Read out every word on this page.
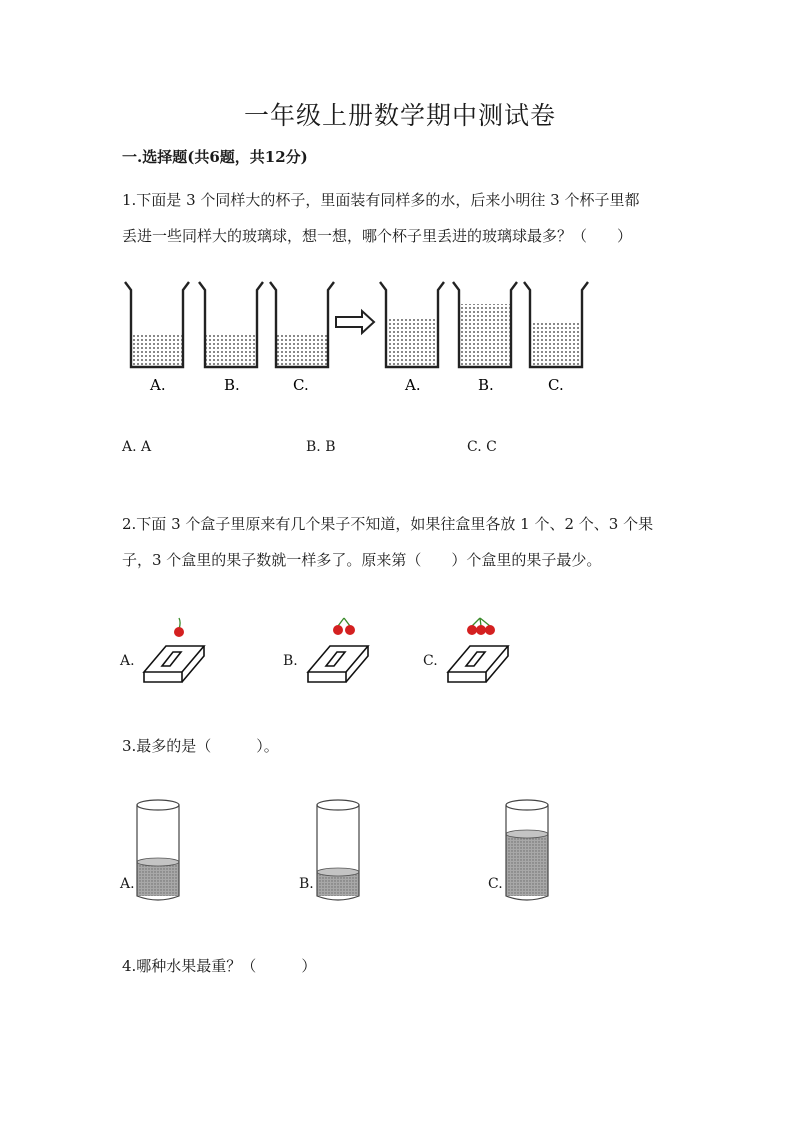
一年级上册数学期中测试卷
一.选择题(共6题，共12分)
1.下面是 3 个同样大的杯子，里面装有同样多的水，后来小明往 3 个杯子里都
丢进一些同样大的玻璃球，想一想，哪个杯子里丢进的玻璃球最多？（　　）
A.	B.	C.	A.	B.	C.
A. A	B. B	C. C
2.下面 3 个盒子里原来有几个果子不知道，如果往盒里各放 1 个、2 个、3 个果
子，3 个盒里的果子数就一样多了。原来第（　　）个盒里的果子最少。
A.	B.	C.
3.最多的是（　　　）。
A.	B.	C.
4.哪种水果最重？（　　　）
